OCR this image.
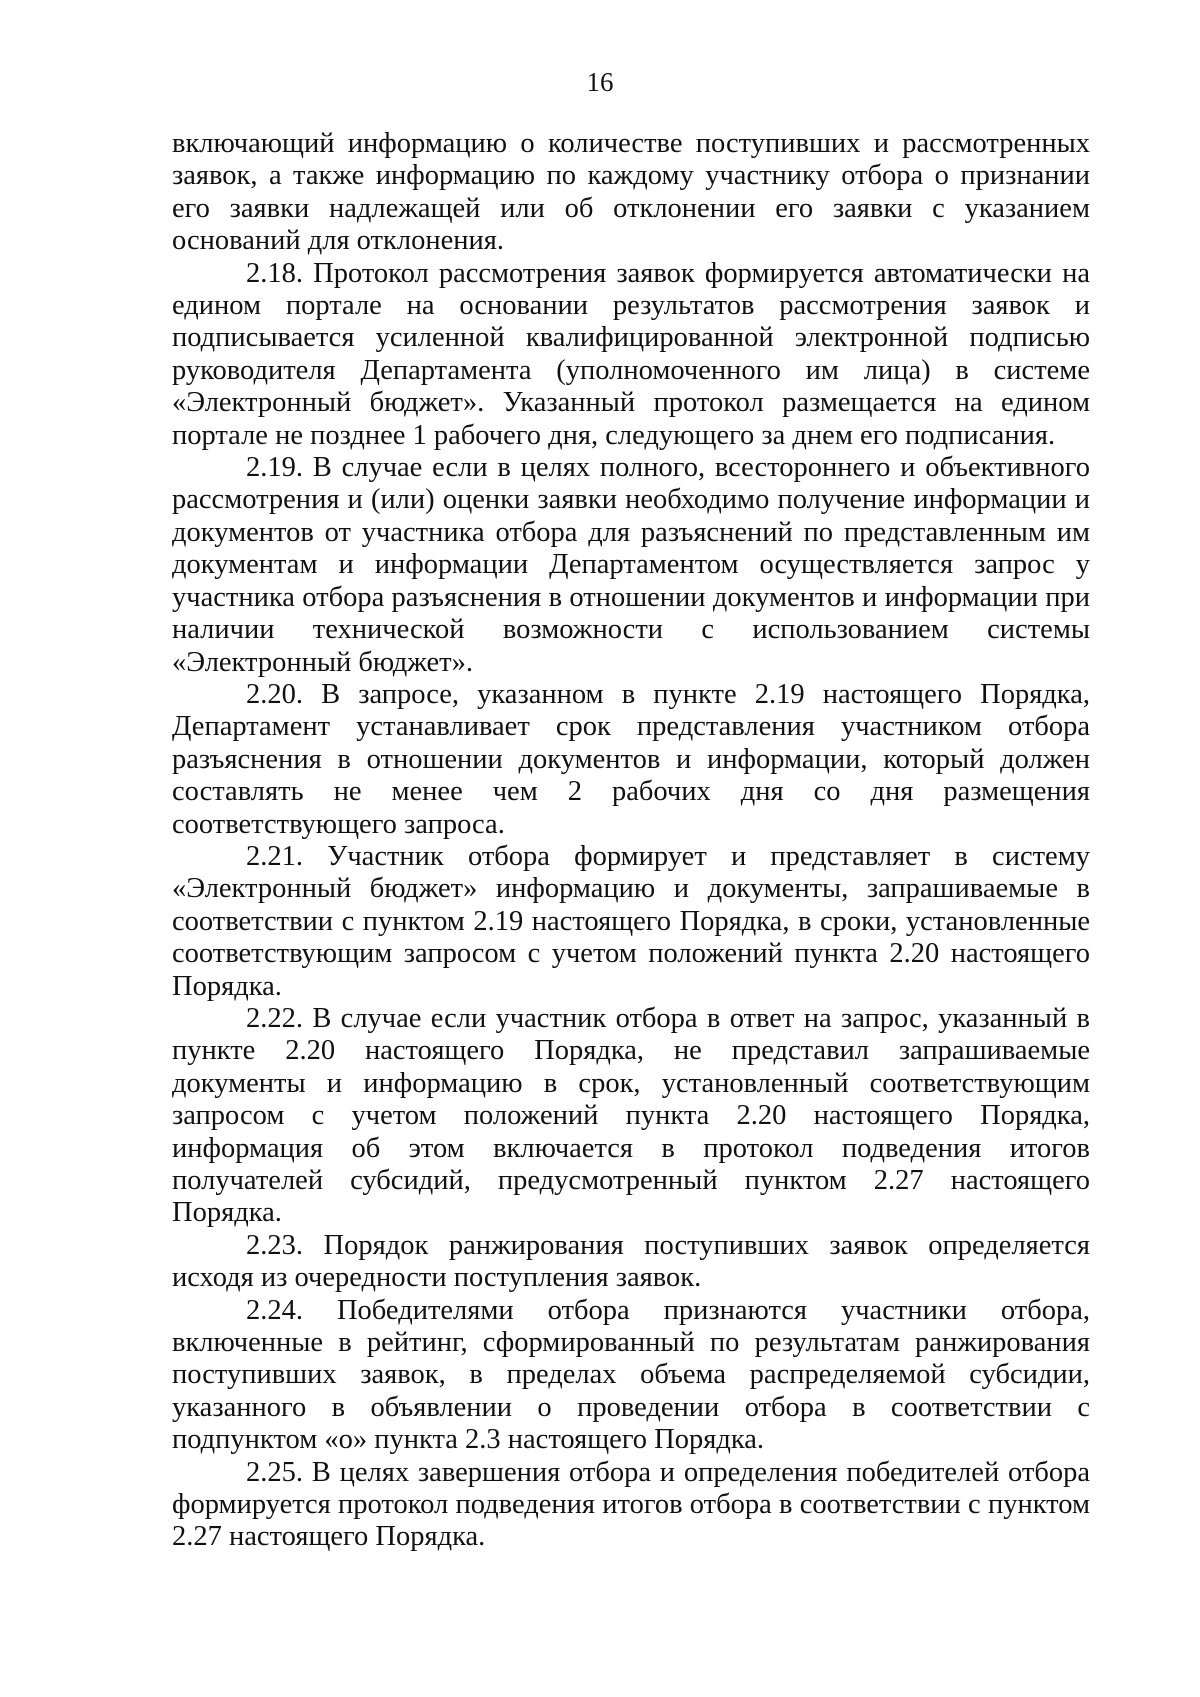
16

включающий информацию о количестве поступивших и рассмотренных заявок, а также информацию по каждому участнику отбора о признании его заявки надлежащей или об отклонении его заявки с указанием оснований для отклонения.

2.18. Протокол рассмотрения заявок формируется автоматически на едином портале на основании результатов рассмотрения заявок и подписывается усиленной квалифицированной электронной подписью руководителя Департамента (уполномоченного им лица) в системе «Электронный бюджет». Указанный протокол размещается на едином портале не позднее 1 рабочего дня, следующего за днем его подписания.

2.19. В случае если в целях полного, всестороннего и объективного рассмотрения и (или) оценки заявки необходимо получение информации и документов от участника отбора для разъяснений по представленным им документам и информации Департаментом осуществляется запрос у участника отбора разъяснения в отношении документов и информации при наличии технической возможности с использованием системы «Электронный бюджет».

2.20. В запросе, указанном в пункте 2.19 настоящего Порядка, Департамент устанавливает срок представления участником отбора разъяснения в отношении документов и информации, который должен составлять не менее чем 2 рабочих дня со дня размещения соответствующего запроса.

2.21. Участник отбора формирует и представляет в систему «Электронный бюджет» информацию и документы, запрашиваемые в соответствии с пунктом 2.19 настоящего Порядка, в сроки, установленные соответствующим запросом с учетом положений пункта 2.20 настоящего Порядка.

2.22. В случае если участник отбора в ответ на запрос, указанный в пункте 2.20 настоящего Порядка, не представил запрашиваемые документы и информацию в срок, установленный соответствующим запросом с учетом положений пункта 2.20 настоящего Порядка, информация об этом включается в протокол подведения итогов получателей субсидий, предусмотренный пунктом 2.27 настоящего Порядка.

2.23. Порядок ранжирования поступивших заявок определяется исходя из очередности поступления заявок.

2.24. Победителями отбора признаются участники отбора, включенные в рейтинг, сформированный по результатам ранжирования поступивших заявок, в пределах объема распределяемой субсидии, указанного в объявлении о проведении отбора в соответствии с подпунктом «о» пункта 2.3 настоящего Порядка.

2.25. В целях завершения отбора и определения победителей отбора формируется протокол подведения итогов отбора в соответствии с пунктом 2.27 настоящего Порядка.
